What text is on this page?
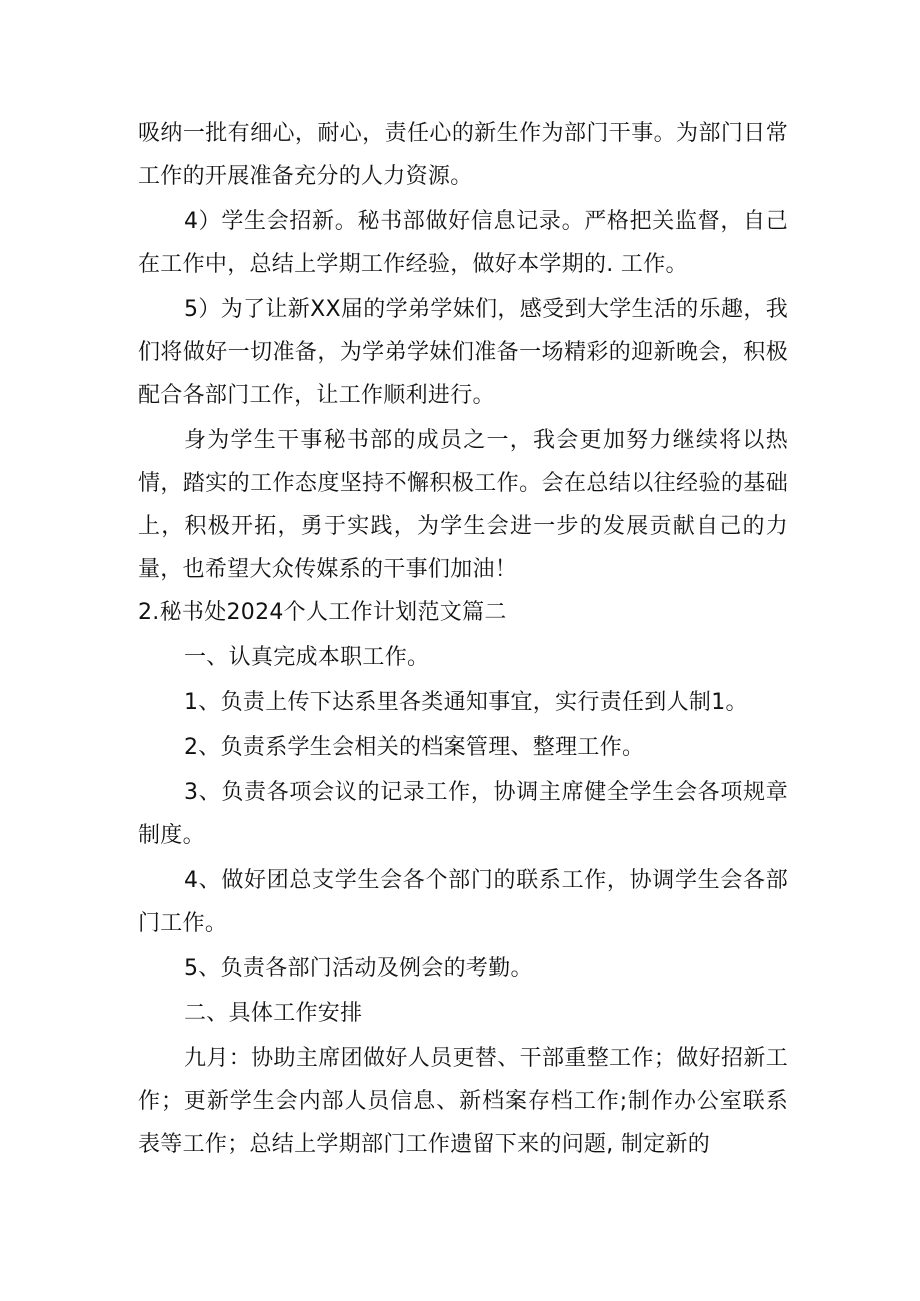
吸纳一批有细心，耐心，责任心的新生作为部门干事。为部门日常工作的开展准备充分的人力资源。

4）学生会招新。秘书部做好信息记录。严格把关监督，自己在工作中，总结上学期工作经验，做好本学期的. 工作。

5）为了让新XX届的学弟学妹们，感受到大学生活的乐趣，我们将做好一切准备，为学弟学妹们准备一场精彩的迎新晚会，积极配合各部门工作，让工作顺利进行。

身为学生干事秘书部的成员之一，我会更加努力继续将以热情，踏实的工作态度坚持不懈积极工作。会在总结以往经验的基础上，积极开拓，勇于实践，为学生会进一步的发展贡献自己的力量，也希望大众传媒系的干事们加油！

2.秘书处2024个人工作计划范文篇二

一、认真完成本职工作。

1、负责上传下达系里各类通知事宜，实行责任到人制1。

2、负责系学生会相关的档案管理、整理工作。

3、负责各项会议的记录工作，协调主席健全学生会各项规章制度。

4、做好团总支学生会各个部门的联系工作，协调学生会各部门工作。

5、负责各部门活动及例会的考勤。

二、具体工作安排

九月：协助主席团做好人员更替、干部重整工作；做好招新工作；更新学生会内部人员信息、新档案存档工作;制作办公室联系表等工作；总结上学期部门工作遗留下来的问题, 制定新的
